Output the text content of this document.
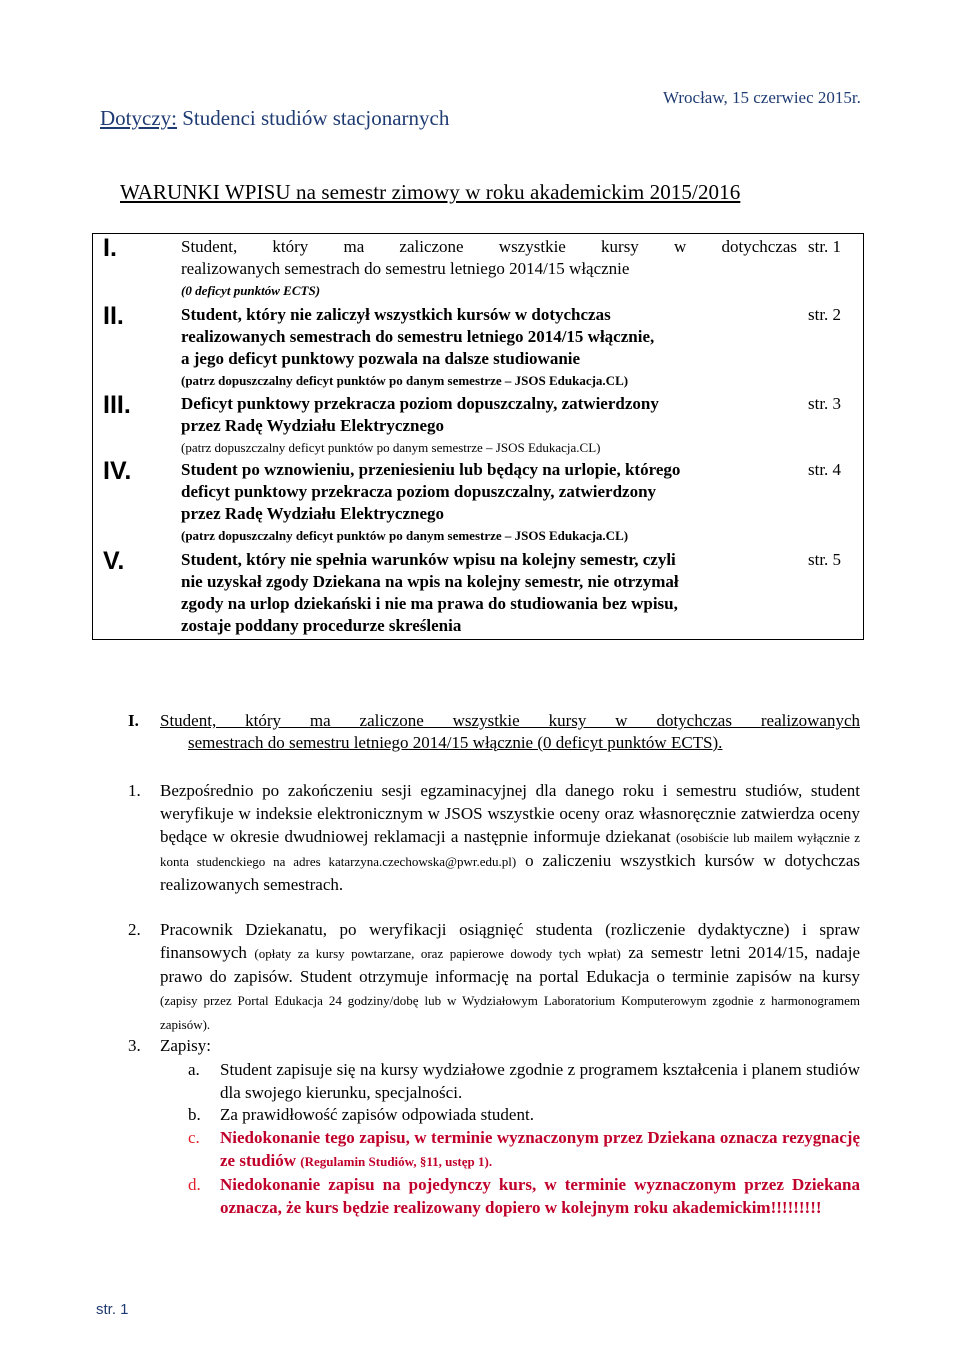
Dotyczy: Studenci studiów stacjonarnych
Wrocław, 15 czerwiec 2015r.
WARUNKI WPISU na semestr zimowy w roku akademickim 2015/2016
I.	Student, który ma zaliczone wszystkie kursy w dotychczas
realizowanych semestrach do semestru letniego 2014/15 włącznie
(0 deficyt punktów ECTS)
str. 1
II.	Student, który nie zaliczył wszystkich kursów w dotychczas
realizowanych semestrach do semestru letniego 2014/15 włącznie,
a jego deficyt punktowy pozwala na dalsze studiowanie
(patrz dopuszczalny deficyt punktów po danym semestrze – JSOS Edukacja.CL)
str. 2
III.	Deficyt punktowy przekracza poziom dopuszczalny, zatwierdzony
przez Radę Wydziału Elektrycznego
(patrz dopuszczalny deficyt punktów po danym semestrze – JSOS Edukacja.CL)
str. 3
IV.	Student po wznowieniu, przeniesieniu lub będący na urlopie, którego
deficyt punktowy przekracza poziom dopuszczalny, zatwierdzony
przez Radę Wydziału Elektrycznego
(patrz dopuszczalny deficyt punktów po danym semestrze – JSOS Edukacja.CL)
str. 4
V.	Student, który nie spełnia warunków wpisu na kolejny semestr, czyli
nie uzyskał zgody Dziekana na wpis na kolejny semestr, nie otrzymał
zgody na urlop dziekański i nie ma prawa do studiowania bez wpisu,
zostaje poddany procedurze skreślenia
str. 5
I. Student, który ma zaliczone wszystkie kursy w dotychczas realizowanych
semestrach do semestru letniego 2014/15 włącznie (0 deficyt punktów ECTS).
1. Bezpośrednio po zakończeniu sesji egzaminacyjnej dla danego roku i semestru studiów, student weryfikuje w indeksie elektronicznym w JSOS wszystkie oceny oraz własnoręcznie zatwierdza oceny będące w okresie dwudniowej reklamacji a następnie informuje dziekanat (osobiście lub mailem wyłącznie z konta studenckiego na adres katarzyna.czechowska@pwr.edu.pl) o zaliczeniu wszystkich kursów w dotychczas realizowanych semestrach.
2. Pracownik Dziekanatu, po weryfikacji osiągnięć studenta (rozliczenie dydaktyczne) i spraw finansowych (opłaty za kursy powtarzane, oraz papierowe dowody tych wpłat) za semestr letni 2014/15, nadaje prawo do zapisów. Student otrzymuje informację na portal Edukacja o terminie zapisów na kursy (zapisy przez Portal Edukacja 24 godziny/dobę lub w Wydziałowym Laboratorium Komputerowym zgodnie z harmonogramem zapisów).
3. Zapisy:
a. Student zapisuje się na kursy wydziałowe zgodnie z programem kształcenia i planem studiów dla swojego kierunku, specjalności.
b. Za prawidłowość zapisów odpowiada student.
c. Niedokonanie tego zapisu, w terminie wyznaczonym przez Dziekana oznacza rezygnację ze studiów (Regulamin Studiów, §11, ustęp 1).
d. Niedokonanie zapisu na pojedynczy kurs, w terminie wyznaczonym przez Dziekana oznacza, że kurs będzie realizowany dopiero w kolejnym roku akademickim!!!!!!!!!
str. 1
